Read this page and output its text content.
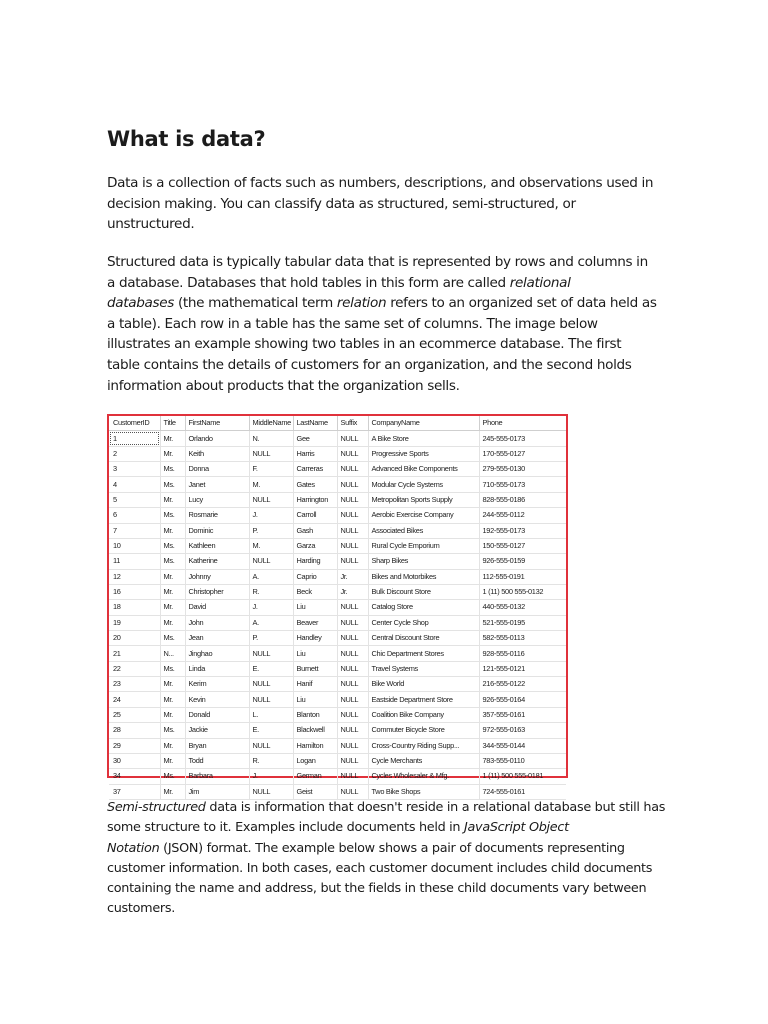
What is data?
Data is a collection of facts such as numbers, descriptions, and observations used in
decision making. You can classify data as structured, semi-structured, or
unstructured.
Structured data is typically tabular data that is represented by rows and columns in
a database. Databases that hold tables in this form are called relational
databases (the mathematical term relation refers to an organized set of data held as
a table). Each row in a table has the same set of columns. The image below
illustrates an example showing two tables in an ecommerce database. The first
table contains the details of customers for an organization, and the second holds
information about products that the organization sells.
CustomerID	Title	FirstName	MiddleName	LastName	Suffix	CompanyName	Phone
1	Mr.	Orlando	N.	Gee	NULL	A Bike Store	245-555-0173
2	Mr.	Keith	NULL	Harris	NULL	Progressive Sports	170-555-0127
3	Ms.	Donna	F.	Carreras	NULL	Advanced Bike Components	279-555-0130
4	Ms.	Janet	M.	Gates	NULL	Modular Cycle Systems	710-555-0173
5	Mr.	Lucy	NULL	Harrington	NULL	Metropolitan Sports Supply	828-555-0186
6	Ms.	Rosmarie	J.	Carroll	NULL	Aerobic Exercise Company	244-555-0112
7	Mr.	Dominic	P.	Gash	NULL	Associated Bikes	192-555-0173
10	Ms.	Kathleen	M.	Garza	NULL	Rural Cycle Emporium	150-555-0127
11	Ms.	Katherine	NULL	Harding	NULL	Sharp Bikes	926-555-0159
12	Mr.	Johnny	A.	Caprio	Jr.	Bikes and Motorbikes	112-555-0191
16	Mr.	Christopher	R.	Beck	Jr.	Bulk Discount Store	1 (11) 500 555-0132
18	Mr.	David	J.	Liu	NULL	Catalog Store	440-555-0132
19	Mr.	John	A.	Beaver	NULL	Center Cycle Shop	521-555-0195
20	Ms.	Jean	P.	Handley	NULL	Central Discount Store	582-555-0113
21	N...	Jinghao	NULL	Liu	NULL	Chic Department Stores	928-555-0116
22	Ms.	Linda	E.	Burnett	NULL	Travel Systems	121-555-0121
23	Mr.	Kerim	NULL	Hanif	NULL	Bike World	216-555-0122
24	Mr.	Kevin	NULL	Liu	NULL	Eastside Department Store	926-555-0164
25	Mr.	Donald	L.	Blanton	NULL	Coalition Bike Company	357-555-0161
28	Ms.	Jackie	E.	Blackwell	NULL	Commuter Bicycle Store	972-555-0163
29	Mr.	Bryan	NULL	Hamilton	NULL	Cross-Country Riding Supp...	344-555-0144
30	Mr.	Todd	R.	Logan	NULL	Cycle Merchants	783-555-0110
34	Ms.	Barbara	J.	German	NULL	Cycles Wholesaler & Mfg.	1 (11) 500 555-0181
37	Mr.	Jim	NULL	Geist	NULL	Two Bike Shops	724-555-0161
Semi-structured data is information that doesn't reside in a relational database but still has
some structure to it. Examples include documents held in JavaScript Object
Notation (JSON) format. The example below shows a pair of documents representing
customer information. In both cases, each customer document includes child documents
containing the name and address, but the fields in these child documents vary between
customers.
